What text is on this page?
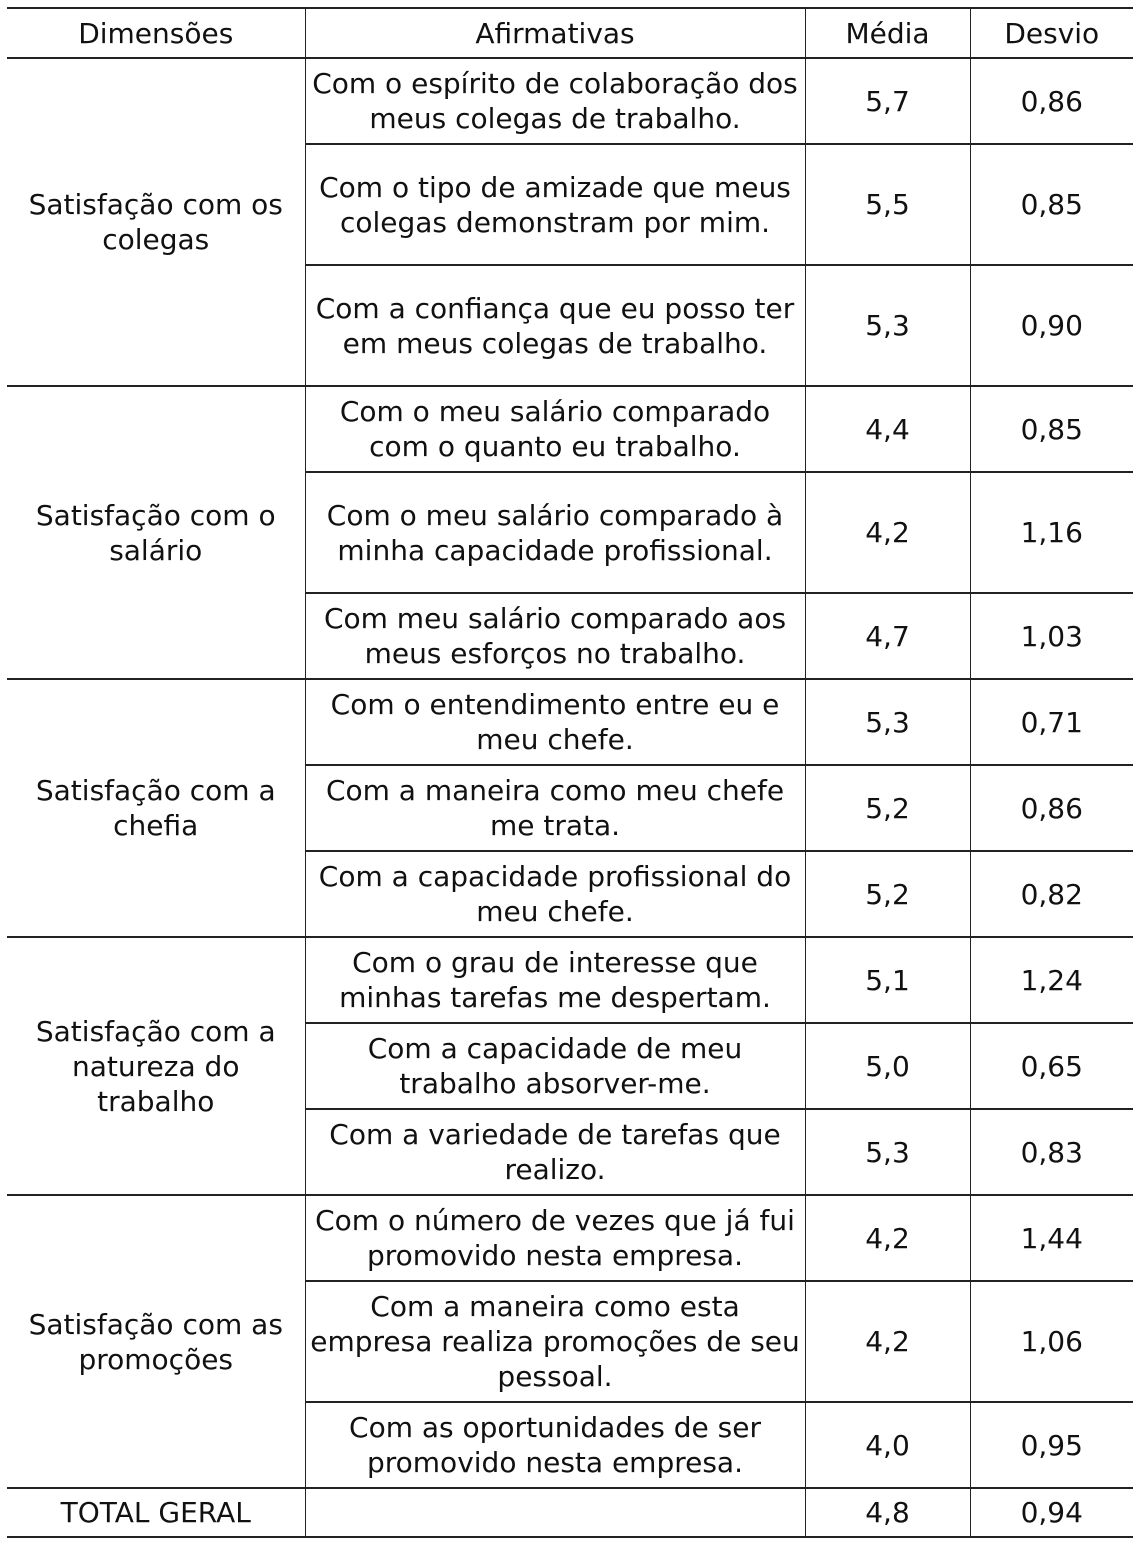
Dimensões	Afirmativas	Média	Desvio
Satisfação com os colegas	Com o espírito de colaboração dos meus colegas de trabalho.	5,7	0,86
	Com o tipo de amizade que meus colegas demonstram por mim.	5,5	0,85
	Com a confiança que eu posso ter em meus colegas de trabalho.	5,3	0,90
Satisfação com o salário	Com o meu salário comparado com o quanto eu trabalho.	4,4	0,85
	Com o meu salário comparado à minha capacidade profissional.	4,2	1,16
	Com meu salário comparado aos meus esforços no trabalho.	4,7	1,03
Satisfação com a chefia	Com o entendimento entre eu e meu chefe.	5,3	0,71
	Com a maneira como meu chefe me trata.	5,2	0,86
	Com a capacidade profissional do meu chefe.	5,2	0,82
Satisfação com a natureza do trabalho	Com o grau de interesse que minhas tarefas me despertam.	5,1	1,24
	Com a capacidade de meu trabalho absorver-me.	5,0	0,65
	Com a variedade de tarefas que realizo.	5,3	0,83
Satisfação com as promoções	Com o número de vezes que já fui promovido nesta empresa.	4,2	1,44
	Com a maneira como esta empresa realiza promoções de seu pessoal.	4,2	1,06
	Com as oportunidades de ser promovido nesta empresa.	4,0	0,95
TOTAL GERAL		4,8	0,94
